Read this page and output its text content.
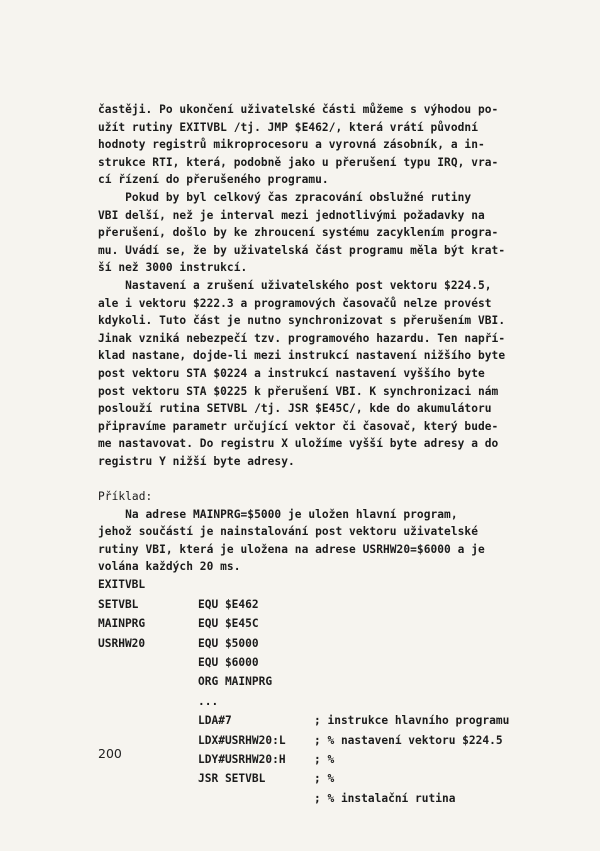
častěji. Po ukončení uživatelské části můžeme s výhodou po-
užít rutiny EXITVBL /tj. JMP $E462/, která vrátí původní
hodnoty registrů mikroprocesoru a vyrovná zásobník, a in-
strukce RTI, která, podobně jako u přerušení typu IRQ, vra-
cí řízení do přerušeného programu.
Pokud by byl celkový čas zpracování obslužné rutiny
VBI delší, než je interval mezi jednotlivými požadavky na
přerušení, došlo by ke zhroucení systému zacyklením progra-
mu. Uvádí se, že by uživatelská část programu měla být krat-
ší než 3000 instrukcí.
Nastavení a zrušení uživatelského post vektoru $224.5,
ale i vektoru $222.3 a programových časovačů nelze provést
kdykoli. Tuto část je nutno synchronizovat s přerušením VBI.
Jinak vzniká nebezpečí tzv. programového hazardu. Ten napří-
klad nastane, dojde-li mezi instrukcí nastavení nižšího byte
post vektoru STA $0224 a instrukcí nastavení vyššího byte
post vektoru STA $0225 k přerušení VBI. K synchronizaci nám
poslouží rutina SETVBL /tj. JSR $E45C/, kde do akumulátoru
připravíme parametr určující vektor či časovač, který bude-
me nastavovat. Do registru X uložíme vyšší byte adresy a do
registru Y nižší byte adresy.
Příklad:
Na adrese MAINPRG=$5000 je uložen hlavní program,
jehož součástí je nainstalování post vektoru uživatelské
rutiny VBI, která je uložena na adrese USRHW20=$6000 a je
volána každých 20 ms.

EXITVBL

EQU $E462

SETVBL

EQU $E45C

MAINPRG

EQU $5000

USRHW20

EQU $6000

ORG MAINPRG

...

; instrukce hlavního programu

LDA#7

; % nastavení vektoru $224.5

LDX#USRHW20:L

; %

LDY#USRHW20:H

; %

JSR SETVBL

; % instalační rutina

200
